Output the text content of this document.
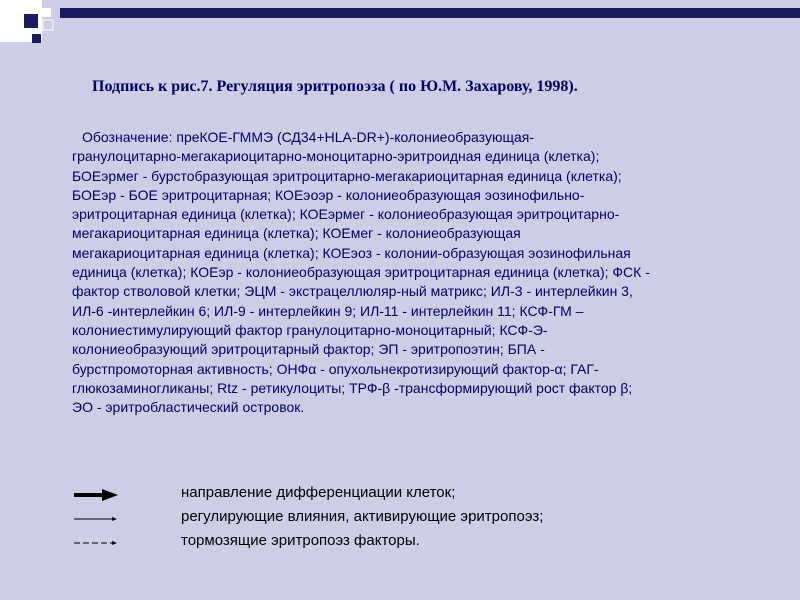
Подпись к рис.7. Регуляция эритропоэза ( по Ю.М. Захарову, 1998).
Обозначение: преКОЕ-ГММЭ (СД34+HLA-DR+)-колониеобразующая-
гранулоцитарно-мегакариоцитарно-моноцитарно-эритроидная единица (клетка);
БОЕэрмег - бурстобразующая эритроцитарно-мегакариоцитарная единица (клетка);
БОЕэр - БОЕ эритроцитарная; КОЕэоэр - колониеобразующая эозинофильно-
эритроцитарная единица (клетка); КОЕэрмег - колониеобразующая эритроцитарно-
мегакариоцитарная единица (клетка); КОЕмег - колониеобразующая
мегакариоцитарная единица (клетка); КОЕэоз - колонии-образующая эозинофильная
единица (клетка); КОЕэр - колониеобразующая эритроцитарная единица (клетка); ФСК -
фактор стволовой клетки; ЭЦМ - экстрацеллюляр-ный матрикс; ИЛ-3 - интерлейкин 3,
ИЛ-6 -интерлейкин 6; ИЛ-9 - интерлейкин 9; ИЛ-11 - интерлейкин 11; КСФ-ГМ –
колониестимулирующий фактор гранулоцитарно-моноцитарный; КСФ-Э-
колониеобразующий эритроцитарный фактор; ЭП - эритропоэтин; БПА -
бурстпромоторная активность; ОНФα - опухольнекротизирующий фактор-α; ГАГ-
глюкозаминогликаны; Rtz - ретикулоциты; ТРФ-β -трансформирующий рост фактор β;
ЭО - эритробластический островок.
направление дифференциации клеток;
регулирующие влияния, активирующие эритропоэз;
тормозящие эритропоэз факторы.
